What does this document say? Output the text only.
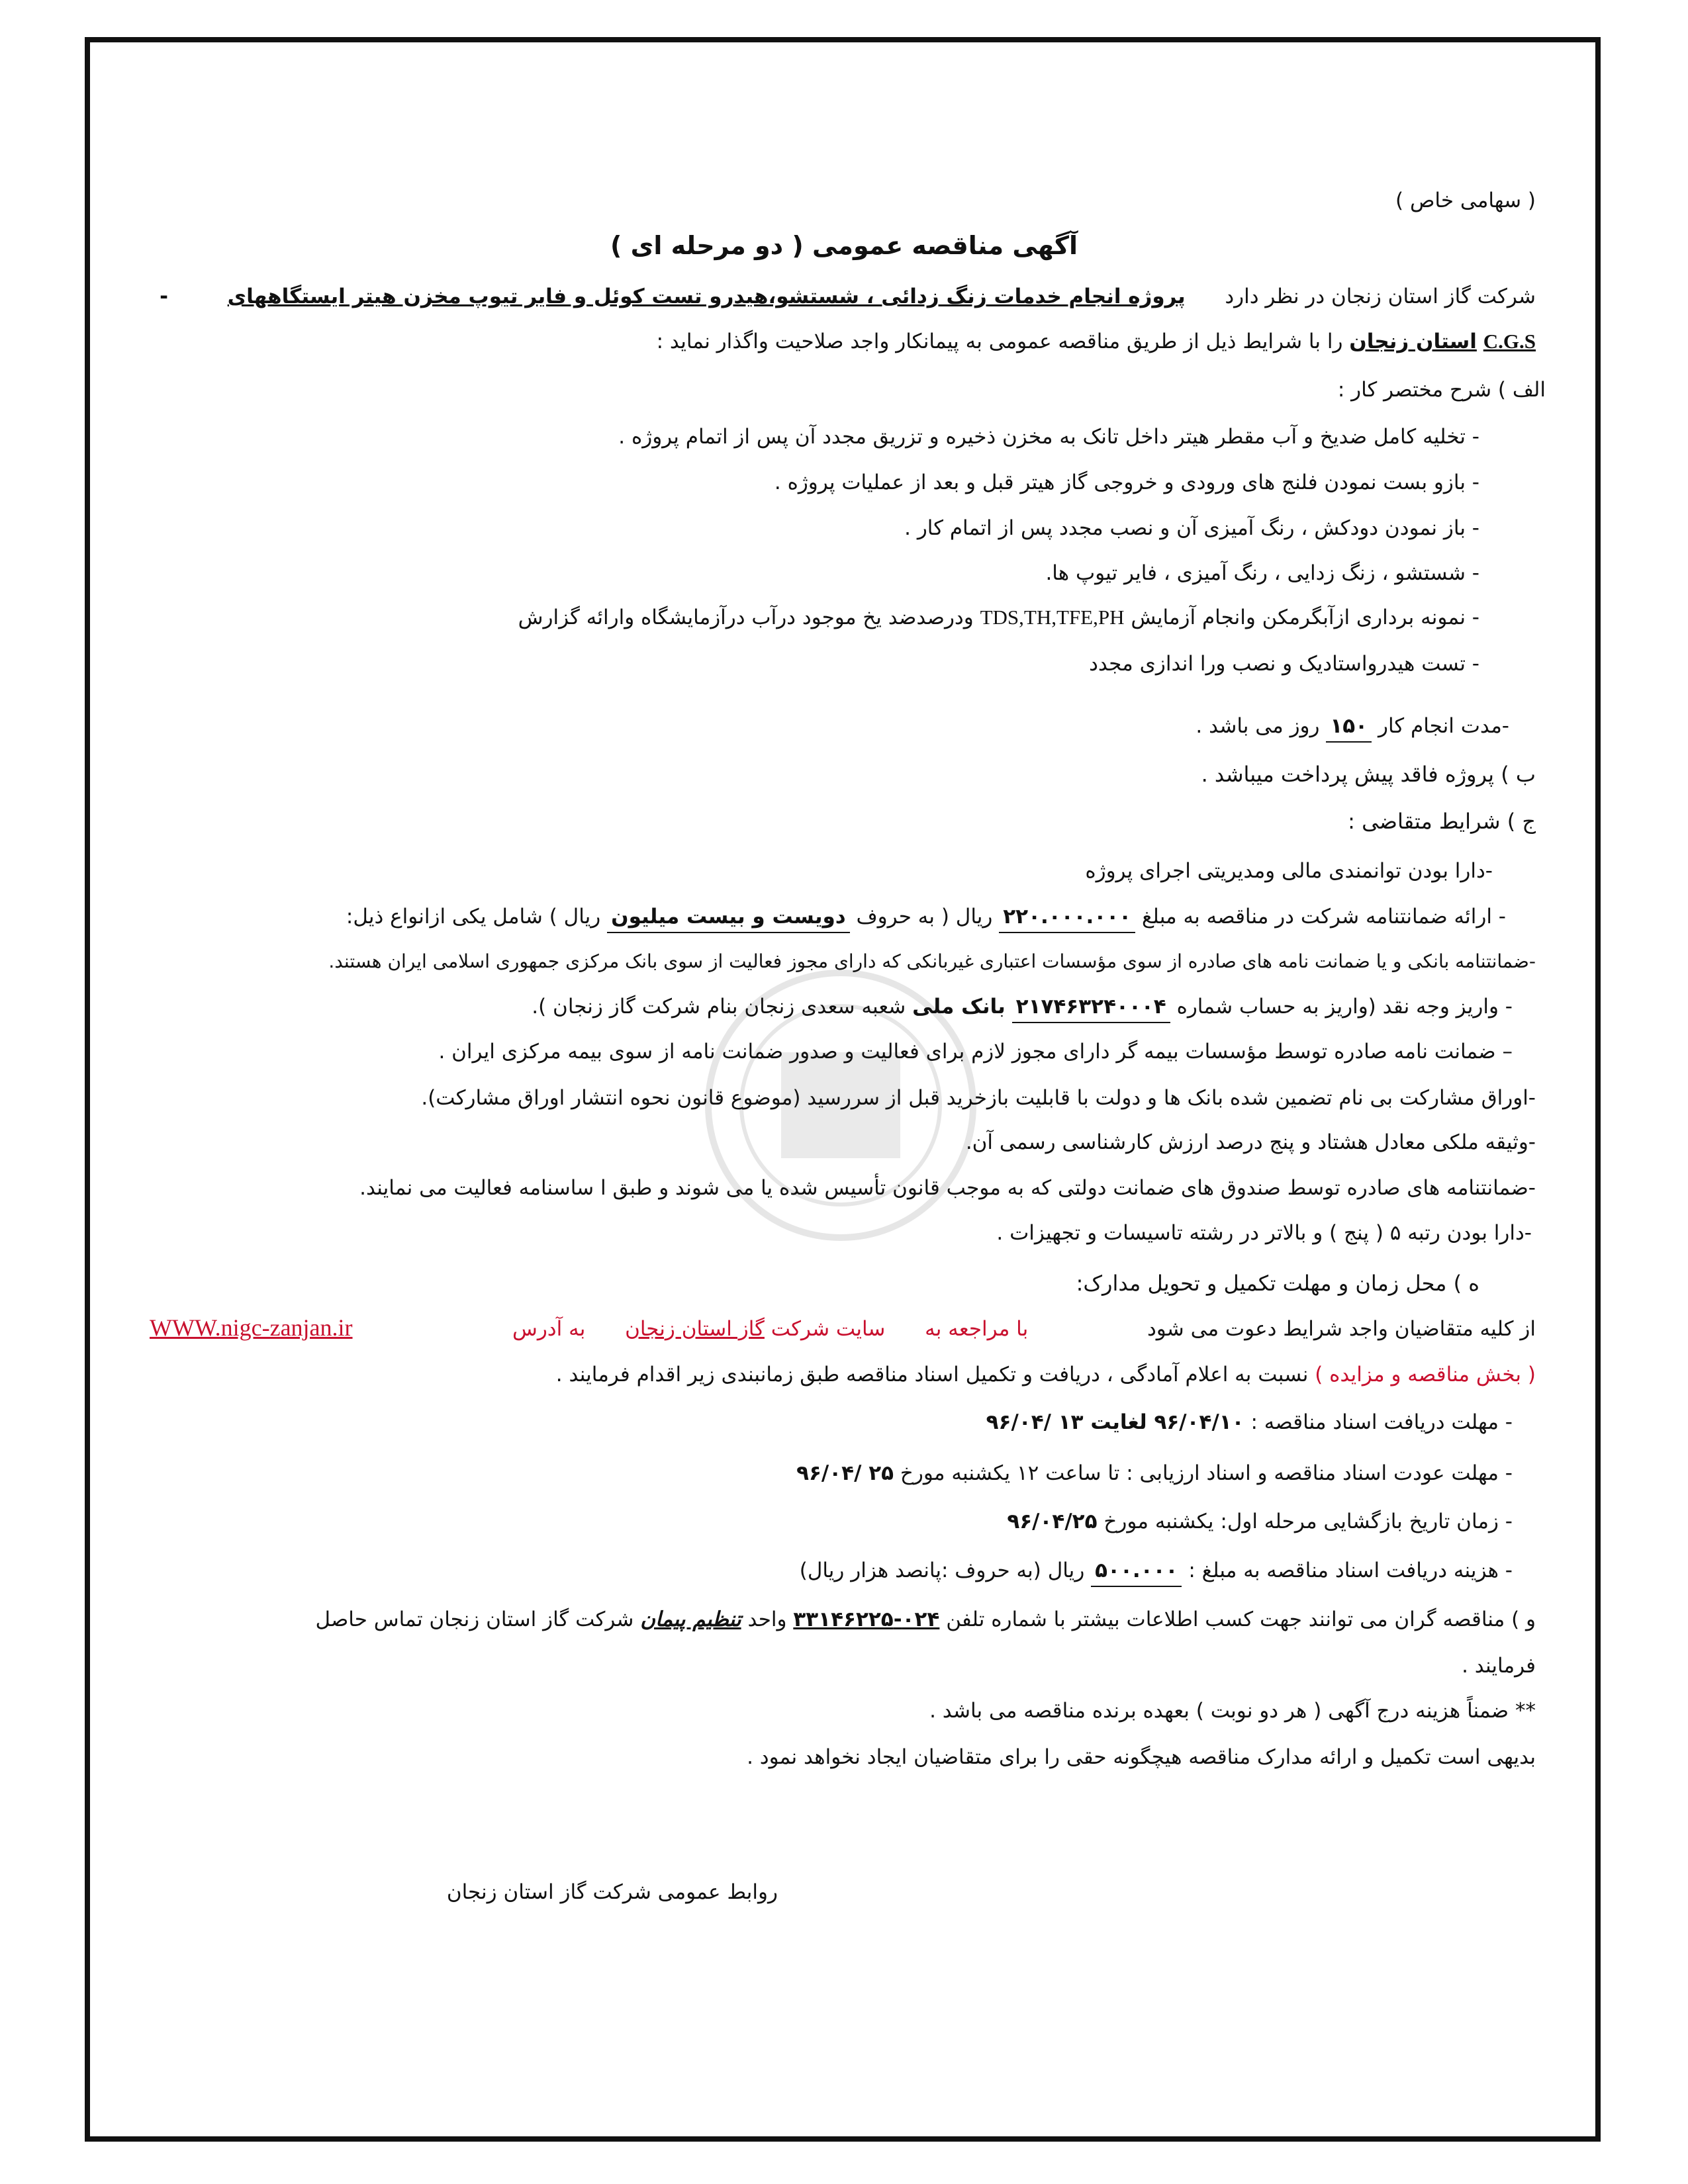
( سهامی خاص )
آگهی مناقصه عمومی ( دو مرحله ای )
شرکت گاز استان زنجان در نظر دارد  پروژه انجام خدمات زنگ زدائی ، شستشو،هیدرو تست کوئل و فایر تیوپ مخزن هیتر ایستگاههای  -
C.G.S استان زنجان را با شرایط ذیل از طریق مناقصه عمومی به پیمانکار واجد صلاحیت واگذار نماید :
الف ) شرح مختصر کار :
- تخلیه کامل ضدیخ و آب مقطر هیتر داخل تانک به مخزن ذخیره و تزریق مجدد آن پس از اتمام پروژه .
- بازو بست نمودن فلنج های ورودی و خروجی گاز هیتر قبل و بعد از عملیات پروژه .
- باز نمودن دودکش ، رنگ آمیزی آن و نصب مجدد پس از اتمام کار .
- شستشو ، زنگ زدایی ، رنگ آمیزی ، فایر تیوپ ها.
- نمونه برداری ازآبگرمکن وانجام آزمایش TDS,TH,TFE,PH ودرصدضد یخ موجود درآب درآزمایشگاه وارائه گزارش
- تست هیدرواستادیک و نصب ورا اندازی مجدد
-مدت انجام کار ۱۵۰ روز می باشد .
ب ) پروژه فاقد پیش پرداخت میباشد .
ج ) شرایط متقاضی :
-دارا بودن توانمندی مالی ومدیریتی اجرای پروژه
- ارائه ضمانتنامه شرکت در مناقصه به مبلغ ۲۲۰.۰۰۰.۰۰۰ ریال ( به حروف دویست و بیست میلیون ریال ) شامل یکی ازانواع ذیل:
-ضمانتنامه بانکی و یا ضمانت نامه های صادره از سوی مؤسسات اعتباری غیربانکی که دارای مجوز فعالیت از سوی بانک مرکزی جمهوری اسلامی ایران هستند.
- واریز وجه نقد (واریز به حساب شماره ۲۱۷۴۶۳۲۴۰۰۰۴ بانک ملی شعبه سعدی زنجان بنام شرکت گاز زنجان ).
– ضمانت نامه صادره توسط مؤسسات بیمه گر دارای مجوز لازم برای فعالیت و صدور ضمانت نامه از سوی بیمه مرکزی ایران .
-اوراق مشارکت بی نام تضمین شده بانک ها و دولت با قابلیت بازخرید قبل از سررسید (موضوع قانون نحوه انتشار اوراق مشارکت).
-وثیقه ملکی معادل هشتاد و پنج درصد ارزش کارشناسی رسمی آن.
-ضمانتنامه های صادره توسط صندوق های ضمانت دولتی که به موجب قانون تأسیس شده یا می شوند و طبق ا ساسنامه فعالیت می نمایند.
-دارا بودن رتبه ۵ ( پنج ) و بالاتر در رشته تاسیسات و تجهیزات .
ه ) محل زمان و مهلت تکمیل و تحویل مدارک:
از کلیه متقاضیان واجد شرایط دعوت می شود  با مراجعه به  سایت شرکت گاز استان زنجان  به آدرس
WWW.nigc-zanjan.ir
( بخش مناقصه و مزایده ) نسبت به اعلام آمادگی ، دریافت و تکمیل اسناد مناقصه طبق زمانبندی زیر اقدام فرمایند .
- مهلت دریافت اسناد مناقصه : ۹۶/۰۴/۱۰ لغایت ۱۳ /۹۶/۰۴
- مهلت عودت اسناد مناقصه و اسناد ارزیابی : تا ساعت ۱۲ یکشنبه مورخ ۲۵ /۹۶/۰۴
- زمان تاریخ بازگشایی مرحله اول: یکشنبه مورخ ۹۶/۰۴/۲۵
- هزینه دریافت اسناد مناقصه به مبلغ : ۵۰۰.۰۰۰ ریال (به حروف :پانصد هزار ریال)
و ) مناقصه گران می توانند جهت کسب اطلاعات بیشتر با شماره تلفن ۰۲۴-۳۳۱۴۶۲۲۵ واحد تنظیم پیمان شرکت گاز استان زنجان تماس حاصل
فرمایند .
** ضمناً هزینه درج آگهی ( هر دو نوبت ) بعهده برنده مناقصه می باشد .
بدیهی است تکمیل و ارائه مدارک مناقصه هیچگونه حقی را برای متقاضیان ایجاد نخواهد نمود .
روابط عمومی شرکت گاز استان زنجان
